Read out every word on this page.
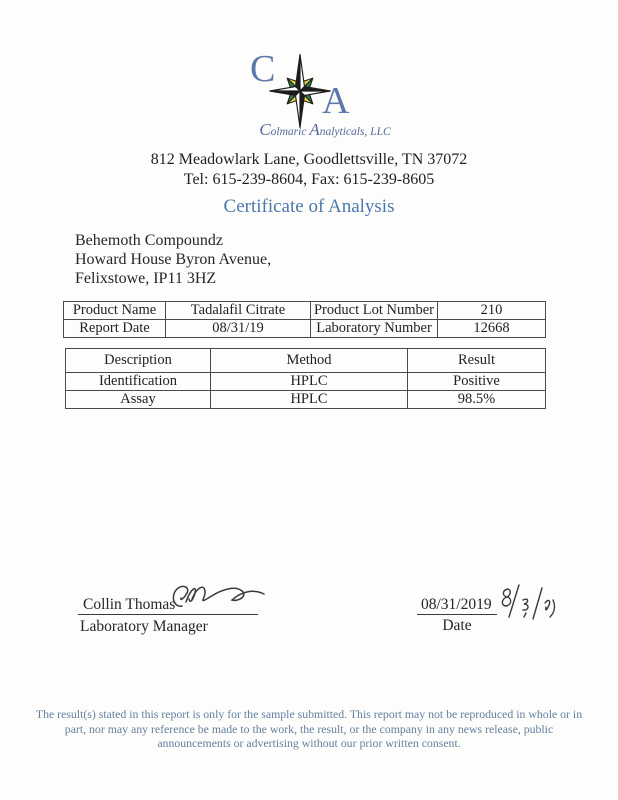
C
A
Colmaric Analyticals, LLC
812 Meadowlark Lane, Goodlettsville, TN 37072
Tel: 615-239-8604, Fax: 615-239-8605
Certificate of Analysis
Behemoth Compoundz
Howard House Byron Avenue,
Felixstowe, IP11 3HZ
Product Name	Tadalafil Citrate	Product Lot Number	210
Report Date	08/31/19	Laboratory Number	12668
Description	Method	Result
Identification	HPLC	Positive
Assay	HPLC	98.5%
Collin Thomas
Laboratory Manager
08/31/2019
Date
The result(s) stated in this report is only for the sample submitted. This report may not be reproduced in whole or in
part, nor may any reference be made to the work, the result, or the company in any news release, public
announcements or advertising without our prior written consent.
